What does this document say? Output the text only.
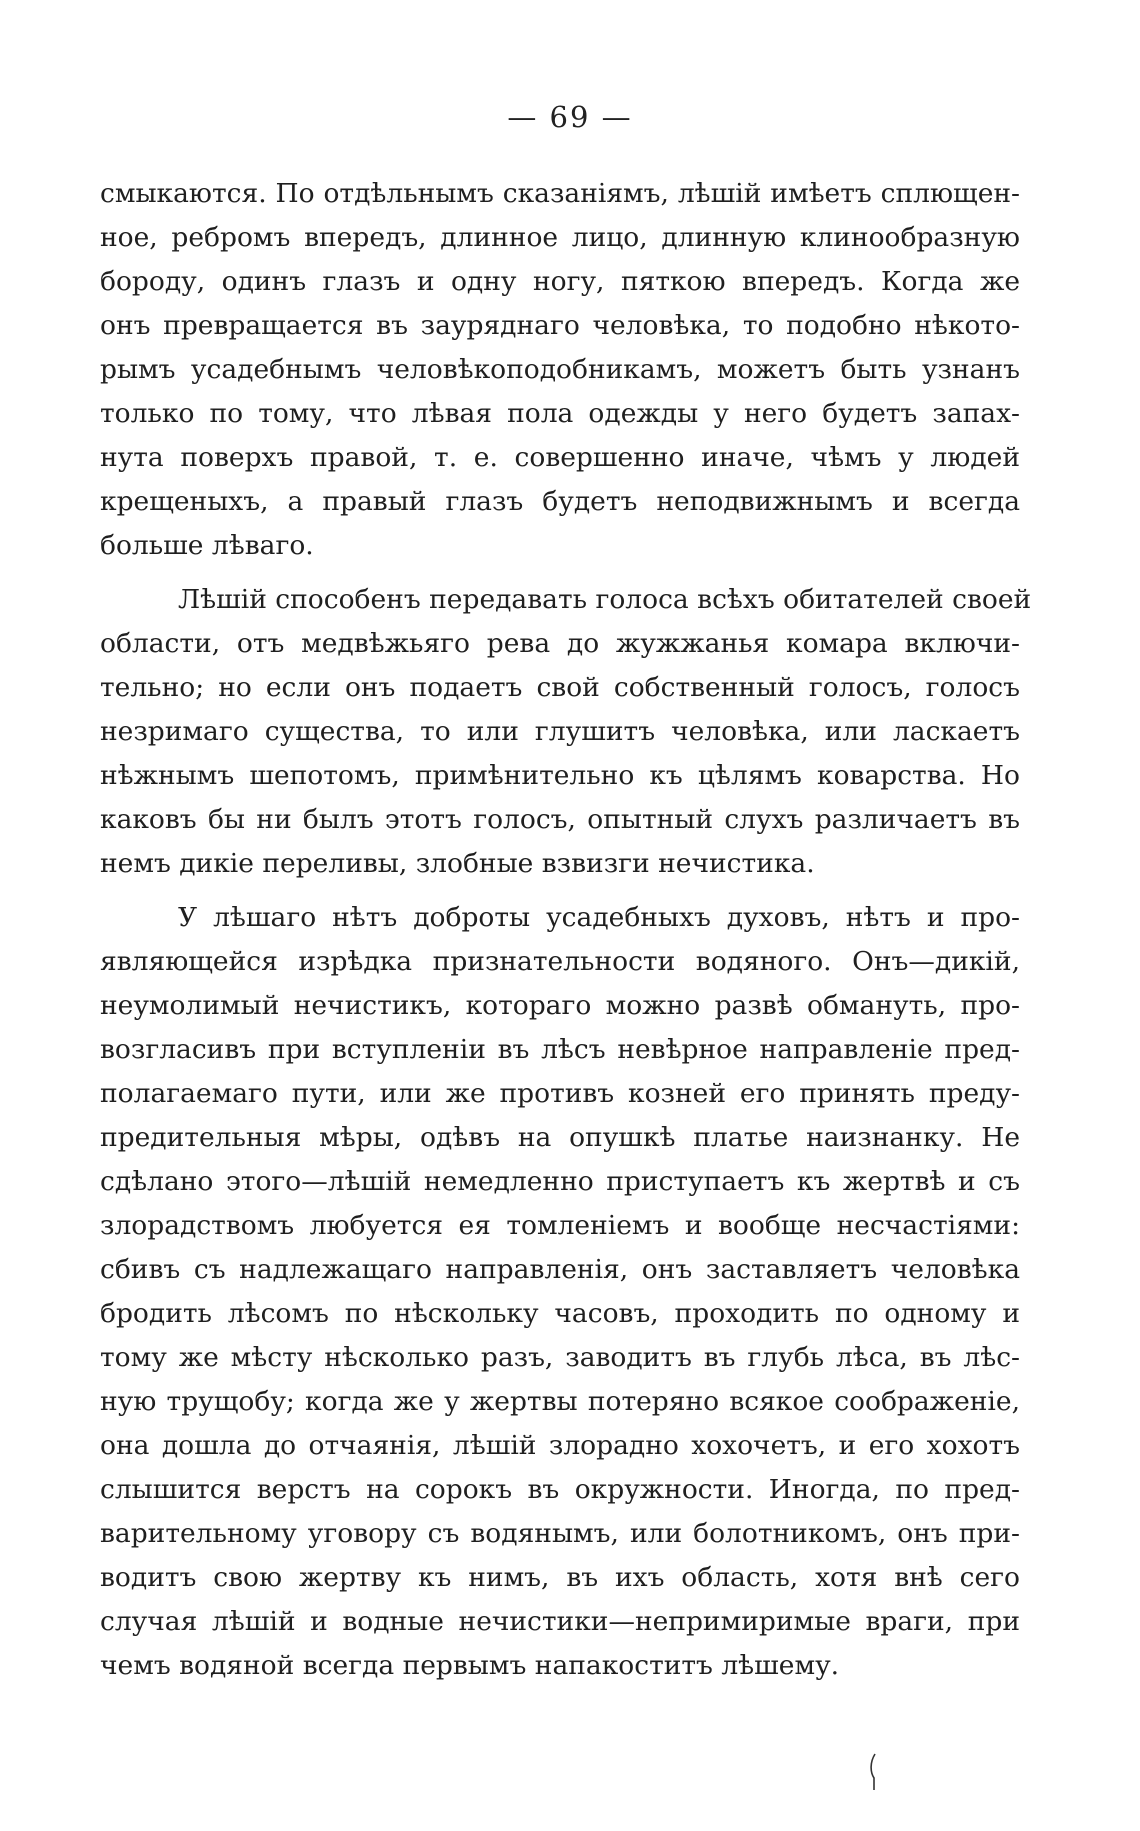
— 69 —
смыкаются. По отдѣльнымъ сказаніямъ, лѣшій имѣетъ сплющен-
ное, ребромъ впередъ, длинное лицо, длинную клинообразную
бороду, одинъ глазъ и одну ногу, пяткою впередъ. Когда же
онъ превращается въ зауряднаго человѣка, то подобно нѣкото-
рымъ усадебнымъ человѣкоподобникамъ, можетъ быть узнанъ
только по тому, что лѣвая пола одежды у него будетъ запах-
нута поверхъ правой, т. е. совершенно иначе, чѣмъ у людей
крещеныхъ, а правый глазъ будетъ неподвижнымъ и всегда
больше лѣваго.
Лѣшій способенъ передавать голоса всѣхъ обитателей своей
области, отъ медвѣжьяго рева до жужжанья комара включи-
тельно; но если онъ подаетъ свой собственный голосъ, голосъ
незримаго существа, то или глушитъ человѣка, или ласкаетъ
нѣжнымъ шепотомъ, примѣнительно къ цѣлямъ коварства. Но
каковъ бы ни былъ этотъ голосъ, опытный слухъ различаетъ въ
немъ дикіе переливы, злобные взвизги нечистика.
У лѣшаго нѣтъ доброты усадебныхъ духовъ, нѣтъ и про-
являющейся изрѣдка признательности водяного. Онъ—дикій,
неумолимый нечистикъ, котораго можно развѣ обмануть, про-
возгласивъ при вступленіи въ лѣсъ невѣрное направленіе пред-
полагаемаго пути, или же противъ козней его принять преду-
предительныя мѣры, одѣвъ на опушкѣ платье наизнанку. Не
сдѣлано этого—лѣшій немедленно приступаетъ къ жертвѣ и съ
злорадствомъ любуется ея томленіемъ и вообще несчастіями:
сбивъ съ надлежащаго направленія, онъ заставляетъ человѣка
бродить лѣсомъ по нѣскольку часовъ, проходить по одному и
тому же мѣсту нѣсколько разъ, заводитъ въ глубь лѣса, въ лѣс-
ную трущобу; когда же у жертвы потеряно всякое соображеніе,
она дошла до отчаянія, лѣшій злорадно хохочетъ, и его хохотъ
слышится верстъ на сорокъ въ окружности. Иногда, по пред-
варительному уговору съ водянымъ, или болотникомъ, онъ при-
водитъ свою жертву къ нимъ, въ ихъ область, хотя внѣ сего
случая лѣшій и водные нечистики—непримиримые враги, при
чемъ водяной всегда первымъ напакоститъ лѣшему.
